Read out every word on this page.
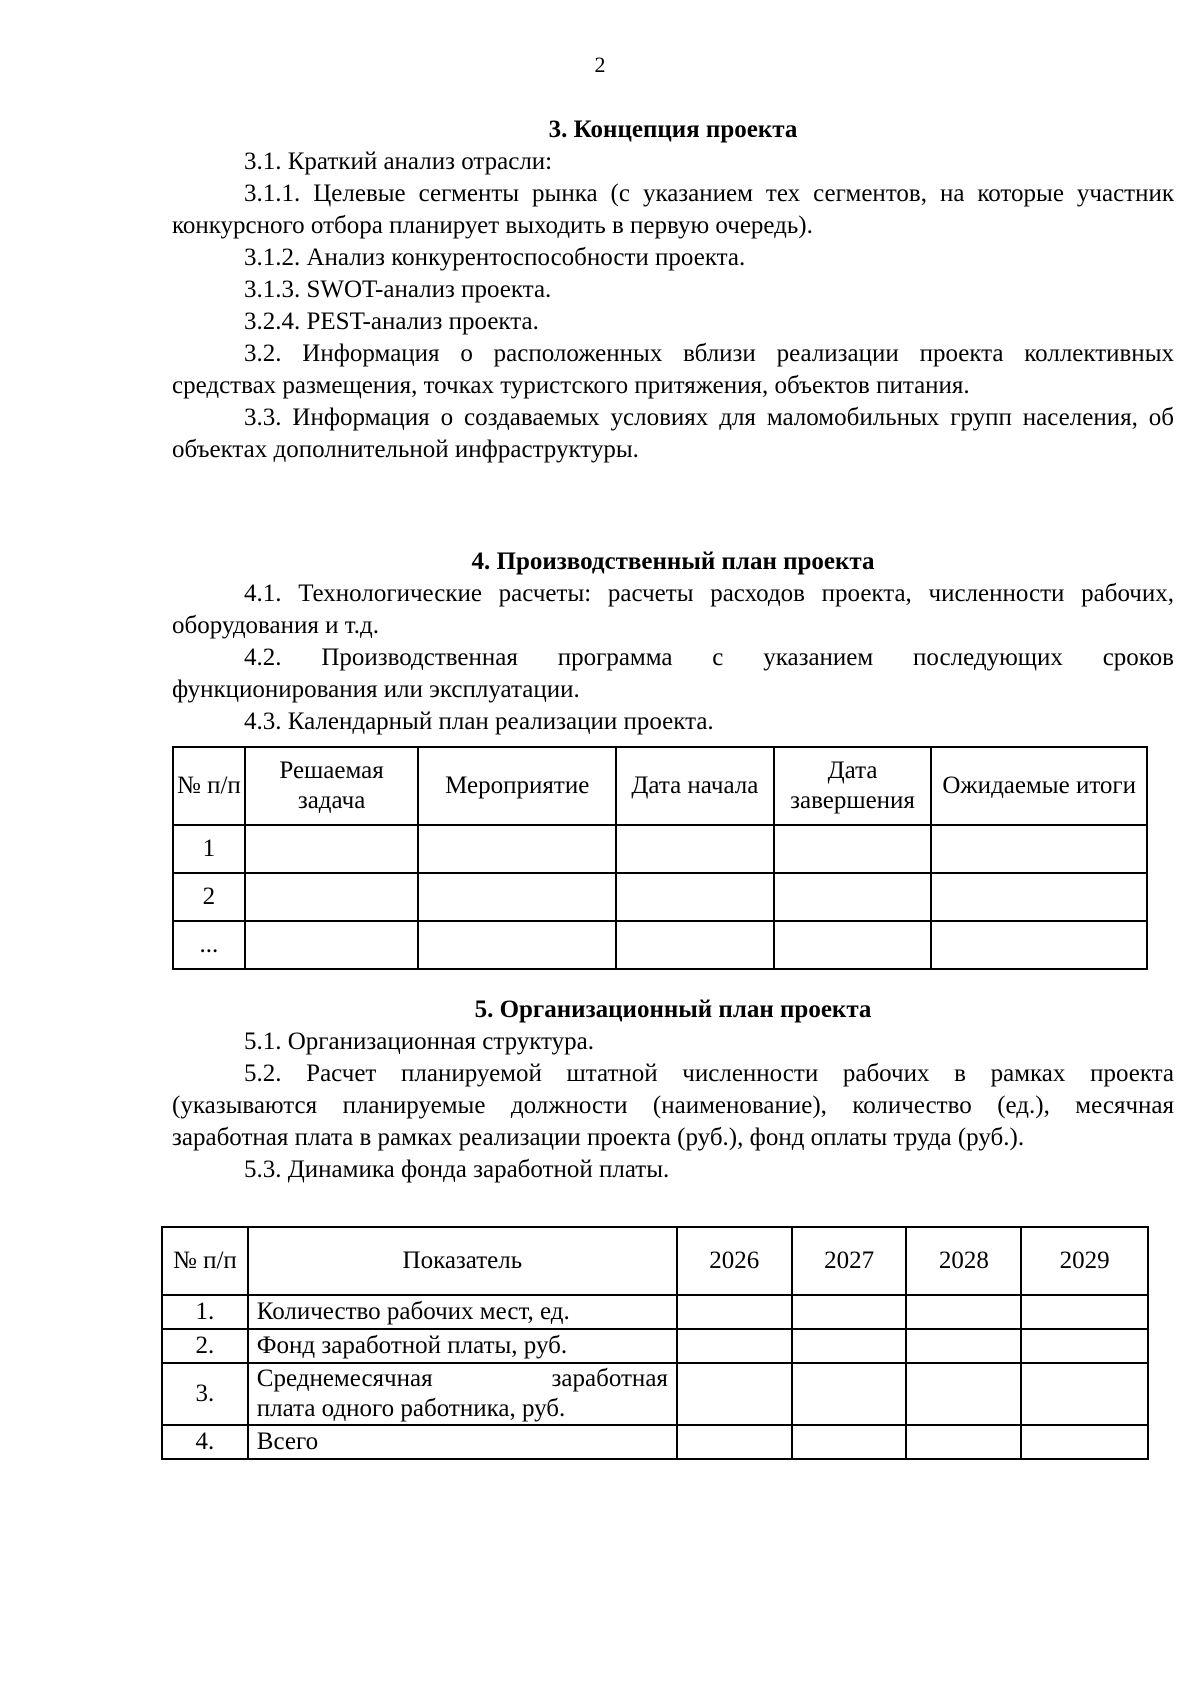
2
3. Концепция проекта

3.1. Краткий анализ отрасли:

3.1.1. Целевые сегменты рынка (с указанием тех сегментов, на которые участник конкурсного отбора планирует выходить в первую очередь).

3.1.2. Анализ конкурентоспособности проекта.

3.1.3. SWOT-анализ проекта.

3.2.4. PEST-анализ проекта.

3.2. Информация о расположенных вблизи реализации проекта коллективных средствах размещения, точках туристского притяжения, объектов питания.

3.3. Информация о создаваемых условиях для маломобильных групп населения, об объектах дополнительной инфраструктуры.

4. Производственный план проекта

4.1. Технологические расчеты: расчеты расходов проекта, численности рабочих, оборудования и т.д.

4.2. Производственная программа с указанием последующих сроков функционирования или эксплуатации.

4.3. Календарный план реализации проекта.

№ п/п	Решаемая задача	Мероприятие	Дата начала	Дата завершения	Ожидаемые итоги
1					
2					
...					
5. Организационный план проекта

5.1. Организационная структура.

5.2. Расчет планируемой штатной численности рабочих в рамках проекта (указываются планируемые должности (наименование), количество (ед.), месячная заработная плата в рамках реализации проекта (руб.), фонд оплаты труда (руб.).

5.3. Динамика фонда заработной платы.

№ п/п	Показатель	2026	2027	2028	2029
1.	Количество рабочих мест, ед.				
2.	Фонд заработной платы, руб.				
3.	Среднемесячная заработная
плата одного работника, руб.				
4.	Всего				
